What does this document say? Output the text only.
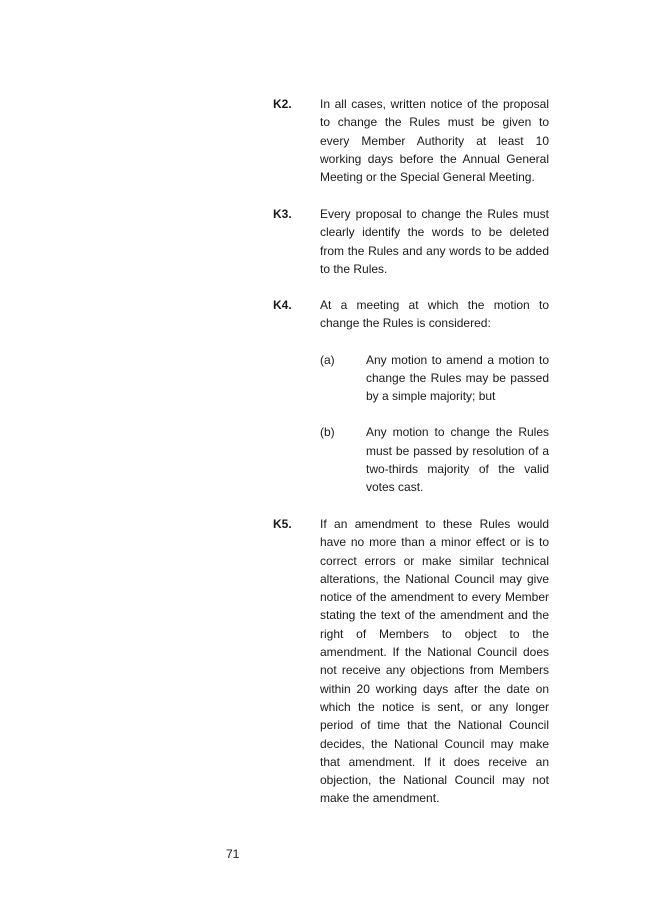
K2. In all cases, written notice of the proposal to change the Rules must be given to every Member Authority at least 10 working days before the Annual General Meeting or the Special General Meeting.
K3. Every proposal to change the Rules must clearly identify the words to be deleted from the Rules and any words to be added to the Rules.
K4. At a meeting at which the motion to change the Rules is considered:
(a)	Any motion to amend a motion to change the Rules may be passed by a simple majority; but
(b)	Any motion to change the Rules must be passed by resolution of a two-thirds majority of the valid votes cast.
K5. If an amendment to these Rules would have no more than a minor effect or is to correct errors or make similar technical alterations, the National Council may give notice of the amendment to every Member stating the text of the amendment and the right of Members to object to the amendment. If the National Council does not receive any objections from Members within 20 working days after the date on which the notice is sent, or any longer period of time that the National Council decides, the National Council may make that amendment. If it does receive an objection, the National Council may not make the amendment.
71
